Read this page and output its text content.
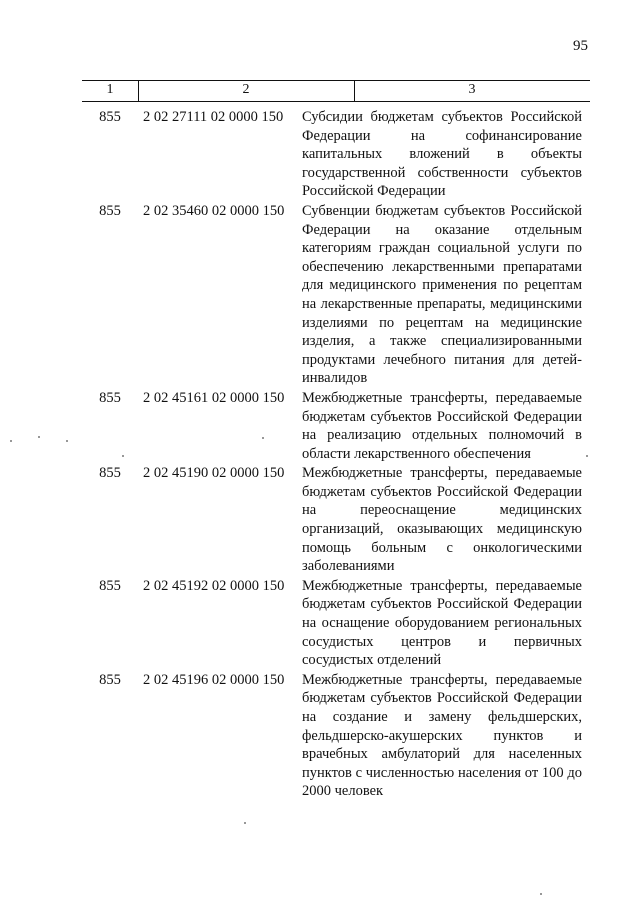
95
1	2	3
855	2 02 27111 02 0000 150	Субсидии бюджетам субъектов Российской Федерации на софинансирование капитальных вложений в объекты государственной собственности субъектов Российской Федерации
855	2 02 35460 02 0000 150	Субвенции бюджетам субъектов Российской Федерации на оказание отдельным категориям граждан социальной услуги по обеспечению лекарственными препаратами для медицинского применения по рецептам на лекарственные препараты, медицинскими изделиями по рецептам на медицинские изделия, а также специализированными продуктами лечебного питания для детей-инвалидов
855	2 02 45161 02 0000 150	Межбюджетные трансферты, передаваемые бюджетам субъектов Российской Федерации на реализацию отдельных полномочий в области лекарственного обеспечения
855	2 02 45190 02 0000 150	Межбюджетные трансферты, передаваемые бюджетам субъектов Российской Федерации на переоснащение медицинских организаций, оказывающих медицинскую помощь больным с онкологическими заболеваниями
855	2 02 45192 02 0000 150	Межбюджетные трансферты, передаваемые бюджетам субъектов Российской Федерации на оснащение оборудованием региональных сосудистых центров и первичных сосудистых отделений
855	2 02 45196 02 0000 150	Межбюджетные трансферты, передаваемые бюджетам субъектов Российской Федерации на создание и замену фельдшерских, фельдшерско-акушерских пунктов и врачебных амбулаторий для населенных пунктов с численностью населения от 100 до 2000 человек
